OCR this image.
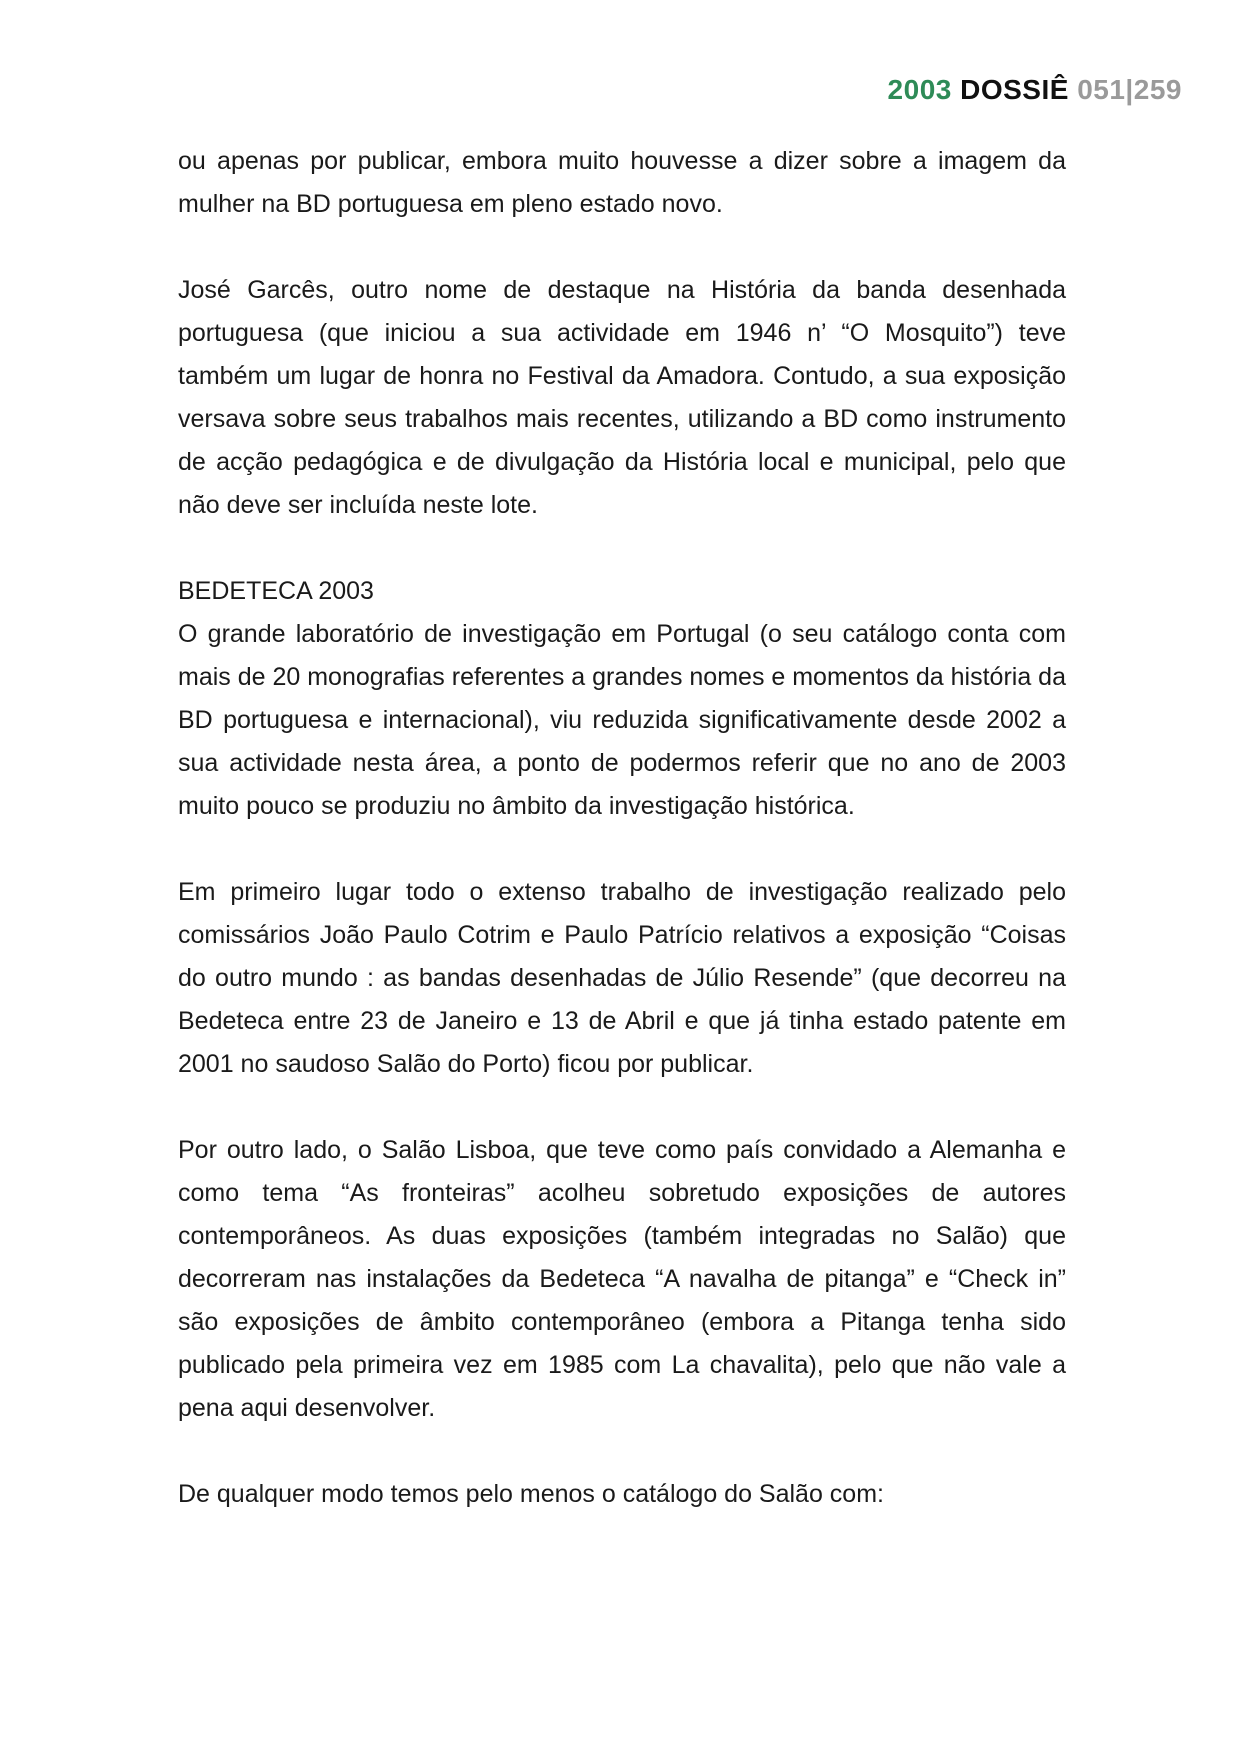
2003 DOSSIÊ 051|259

ou apenas por publicar, embora muito houvesse a dizer sobre a imagem da mulher na BD portuguesa em pleno estado novo.

José Garcês, outro nome de destaque na História da banda desenhada portuguesa (que iniciou a sua actividade em 1946 n’ “O Mosquito”) teve também um lugar de honra no Festival da Amadora. Contudo, a sua exposição versava sobre seus trabalhos mais recentes, utilizando a BD como instrumento de acção pedagógica e de divulgação da História local e municipal, pelo que não deve ser incluída neste lote.

BEDETECA 2003

O grande laboratório de investigação em Portugal (o seu catálogo conta com mais de 20 monografias referentes a grandes nomes e momentos da história da BD portuguesa e internacional), viu reduzida significativamente desde 2002 a sua actividade nesta área, a ponto de podermos referir que no ano de 2003 muito pouco se produziu no âmbito da investigação histórica.

Em primeiro lugar todo o extenso trabalho de investigação realizado pelo comissários João Paulo Cotrim e Paulo Patrício relativos a exposição “Coisas do outro mundo : as bandas desenhadas de Júlio Resende” (que decorreu na Bedeteca entre 23 de Janeiro e 13 de Abril e que já tinha estado patente em 2001 no saudoso Salão do Porto) ficou por publicar.

Por outro lado, o Salão Lisboa, que teve como país convidado a Alemanha e como tema “As fronteiras” acolheu sobretudo exposições de autores contemporâneos. As duas exposições (também integradas no Salão) que decorreram nas instalações da Bedeteca “A navalha de pitanga” e “Check in” são exposições de âmbito contemporâneo (embora a Pitanga tenha sido publicado pela primeira vez em 1985 com La chavalita), pelo que não vale a pena aqui desenvolver.

De qualquer modo temos pelo menos o catálogo do Salão com:
